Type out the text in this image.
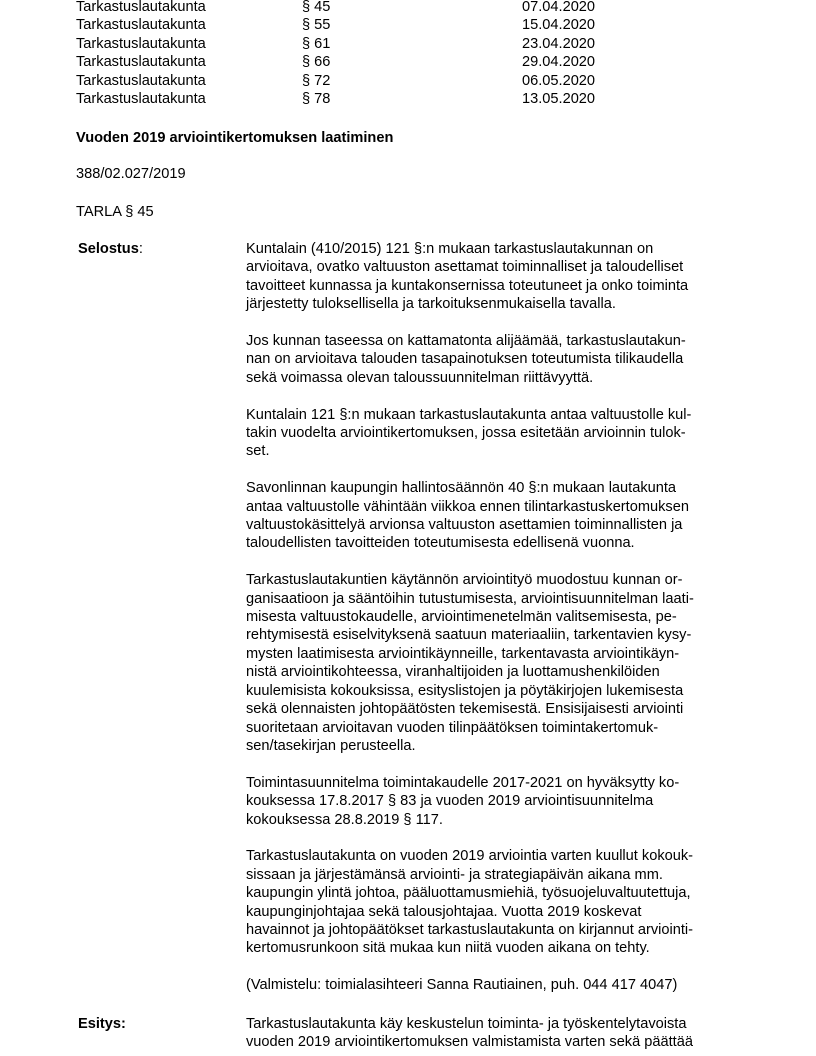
Tarkastuslautakunta	§ 45	07.04.2020
Tarkastuslautakunta	§ 55	15.04.2020
Tarkastuslautakunta	§ 61	23.04.2020
Tarkastuslautakunta	§ 66	29.04.2020
Tarkastuslautakunta	§ 72	06.05.2020
Tarkastuslautakunta	§ 78	13.05.2020
Vuoden 2019 arviointikertomuksen laatiminen
388/02.027/2019
TARLA § 45
Selostus:	Kuntalain (410/2015) 121 §:n mukaan tarkastuslautakunnan on
arvioitava, ovatko valtuuston asettamat toiminnalliset ja taloudelliset
tavoitteet kunnassa ja kuntakonsernissa toteutuneet ja onko toiminta
järjestetty tuloksellisella ja tarkoituksenmukaisella tavalla.

Jos kunnan taseessa on kattamatonta alijäämää, tarkastuslautakun-
nan on arvioitava talouden tasapainotuksen toteutumista tilikaudella
sekä voimassa olevan taloussuunnitelman riittävyyttä.

Kuntalain 121 §:n mukaan tarkastuslautakunta antaa valtuustolle kul-
takin vuodelta arviointikertomuksen, jossa esitetään arvioinnin tulok-
set.

Savonlinnan kaupungin hallintosäännön 40 §:n mukaan lautakunta
antaa valtuustolle vähintään viikkoa ennen tilintarkastuskertomuksen
valtuustokäsittelyä arvionsa valtuuston asettamien toiminnallisten ja
taloudellisten tavoitteiden toteutumisesta edellisenä vuonna.

Tarkastuslautakuntien käytännön arviointityö muodostuu kunnan or-
ganisaatioon ja sääntöihin tutustumisesta, arviointisuunnitelman laati-
misesta valtuustokaudelle, arviointimenetelmän valitsemisesta, pe-
rehtymisestä esiselvityksenä saatuun materiaaliin, tarkentavien kysy-
mysten laatimisesta arviointikäynneille, tarkentavasta arviointikäyn-
nistä arviointikohteessa, viranhaltijoiden ja luottamushenkilöiden
kuulemisista kokouksissa, esityslistojen ja pöytäkirjojen lukemisesta
sekä olennaisten johtopäätösten tekemisestä. Ensisijaisesti arviointi
suoritetaan arvioitavan vuoden tilinpäätöksen toimintakertomuk-
sen/tasekirjan perusteella.

Toimintasuunnitelma toimintakaudelle 2017-2021 on hyväksytty ko-
kouksessa 17.8.2017 § 83 ja vuoden 2019 arviointisuunnitelma
kokouksessa 28.8.2019 § 117.

Tarkastuslautakunta on vuoden 2019 arviointia varten kuullut kokouk-
sissaan ja järjestämänsä arviointi- ja strategiapäivän aikana mm.
kaupungin ylintä johtoa, pääluottamusmiehiä, työsuojeluvaltuutettuja,
kaupunginjohtajaa sekä talousjohtajaa. Vuotta 2019 koskevat
havainnot ja johtopäätökset tarkastuslautakunta on kirjannut arviointi-
kertomusrunkoon sitä mukaa kun niitä vuoden aikana on tehty.

(Valmistelu: toimialasihteeri Sanna Rautiainen, puh. 044 417 4047)

Esitys:	Tarkastuslautakunta käy keskustelun toiminta- ja työskentelytavoista
vuoden 2019 arviointikertomuksen valmistamista varten sekä päättää
